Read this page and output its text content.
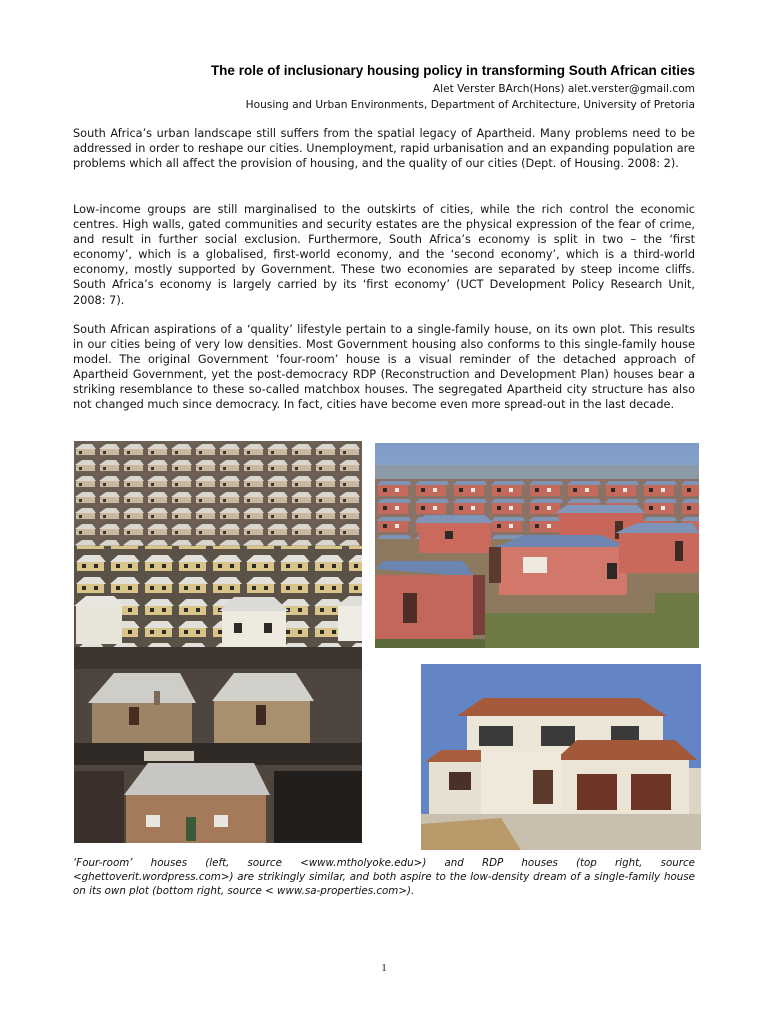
The role of inclusionary housing policy in transforming South African cities
Alet Verster BArch(Hons) alet.verster@gmail.com
Housing and Urban Environments, Department of Architecture, University of Pretoria

South Africa’s urban landscape still suffers from the spatial legacy of Apartheid. Many problems need to be addressed in order to reshape our cities. Unemployment, rapid urbanisation and an expanding population are problems which all affect the provision of housing, and the quality of our cities (Dept. of Housing. 2008: 2).

Low-income groups are still marginalised to the outskirts of cities, while the rich control the economic centres. High walls, gated communities and security estates are the physical expression of the fear of crime, and result in further social exclusion. Furthermore, South Africa’s economy is split in two – the ‘first economy’, which is a globalised, first-world economy, and the ‘second economy’, which is a third-world economy, mostly supported by Government. These two economies are separated by steep income cliffs. South Africa’s economy is largely carried by its ‘first economy’ (UCT Development Policy Research Unit, 2008: 7).

South African aspirations of a ‘quality’ lifestyle pertain to a single-family house, on its own plot. This results in our cities being of very low densities. Most Government housing also conforms to this single-family house model. The original Government ‘four-room’ house is a visual reminder of the detached approach of Apartheid Government, yet the post-democracy RDP (Reconstruction and Development Plan) houses bear a striking resemblance to these so-called matchbox houses. The segregated Apartheid city structure has also not changed much since democracy. In fact, cities have become even more spread-out in the last decade.

‘Four-room’ houses (left, source <www.mtholyoke.edu>) and RDP houses (top right, source <ghettoverit.wordpress.com>) are strikingly similar, and both aspire to the low-density dream of a single-family house on its own plot (bottom right, source < www.sa-properties.com>).

1
